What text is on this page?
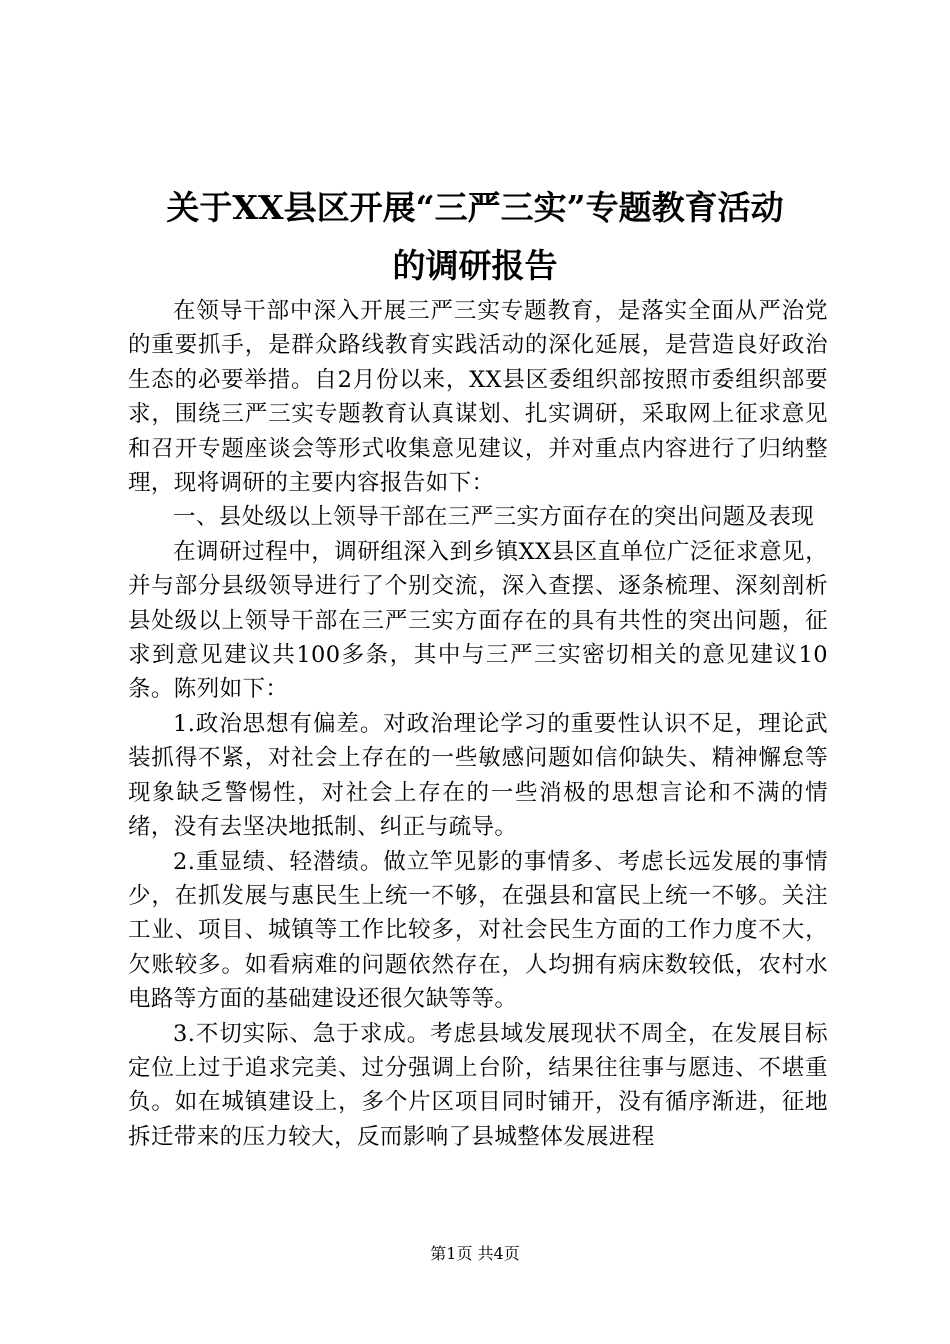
关于XX县区开展“三严三实”专题教育活动
的调研报告

在领导干部中深入开展三严三实专题教育，是落实全面从严治党的重要抓手，是群众路线教育实践活动的深化延展，是营造良好政治生态的必要举措。自2月份以来，XX县区委组织部按照市委组织部要求，围绕三严三实专题教育认真谋划、扎实调研，采取网上征求意见和召开专题座谈会等形式收集意见建议，并对重点内容进行了归纳整理，现将调研的主要内容报告如下：

一、县处级以上领导干部在三严三实方面存在的突出问题及表现

在调研过程中，调研组深入到乡镇XX县区直单位广泛征求意见，并与部分县级领导进行了个别交流，深入查摆、逐条梳理、深刻剖析县处级以上领导干部在三严三实方面存在的具有共性的突出问题，征求到意见建议共100多条，其中与三严三实密切相关的意见建议10条。陈列如下：

1.政治思想有偏差。对政治理论学习的重要性认识不足，理论武装抓得不紧，对社会上存在的一些敏感问题如信仰缺失、精神懈怠等现象缺乏警惕性，对社会上存在的一些消极的思想言论和不满的情绪，没有去坚决地抵制、纠正与疏导。

2.重显绩、轻潜绩。做立竿见影的事情多、考虑长远发展的事情少，在抓发展与惠民生上统一不够，在强县和富民上统一不够。关注工业、项目、城镇等工作比较多，对社会民生方面的工作力度不大，欠账较多。如看病难的问题依然存在，人均拥有病床数较低，农村水电路等方面的基础建设还很欠缺等等。

3.不切实际、急于求成。考虑县域发展现状不周全，在发展目标定位上过于追求完美、过分强调上台阶，结果往往事与愿违、不堪重负。如在城镇建设上，多个片区项目同时铺开，没有循序渐进，征地拆迁带来的压力较大，反而影响了县城整体发展进程

第1页 共4页
